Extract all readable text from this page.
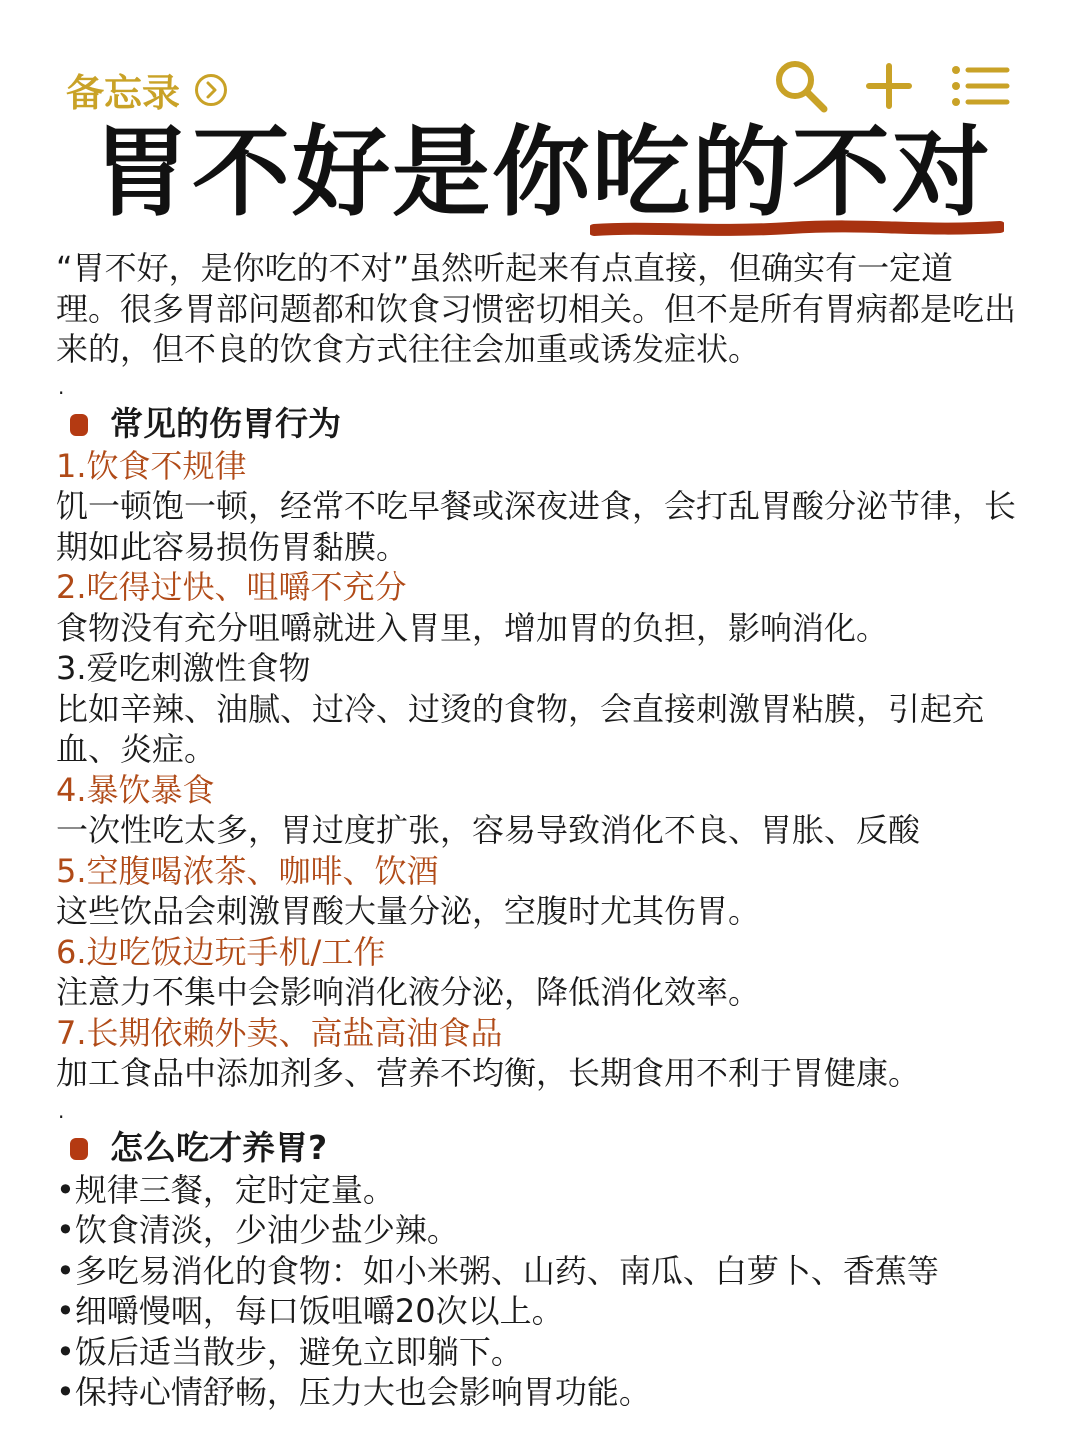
备忘录
胃不好是你吃的不对

“胃不好，是你吃的不对”虽然听起来有点直接，但确实有一定道理。很多胃部问题都和饮食习惯密切相关。但不是所有胃病都是吃出来的，但不良的饮食方式往往会加重或诱发症状。

.
常见的伤胃行为
1.饮食不规律

饥一顿饱一顿，经常不吃早餐或深夜进食，会打乱胃酸分泌节律，长期如此容易损伤胃黏膜。

2.吃得过快、咀嚼不充分

食物没有充分咀嚼就进入胃里，增加胃的负担，影响消化。

3.爱吃刺激性食物

比如辛辣、油腻、过冷、过烫的食物，会直接刺激胃粘膜，引起充血、炎症。

4.暴饮暴食

一次性吃太多，胃过度扩张，容易导致消化不良、胃胀、反酸

5.空腹喝浓茶、咖啡、饮酒

这些饮品会刺激胃酸大量分泌，空腹时尤其伤胃。

6.边吃饭边玩手机/工作

注意力不集中会影响消化液分泌，降低消化效率。

7.长期依赖外卖、高盐高油食品

加工食品中添加剂多、营养不均衡，长期食用不利于胃健康。

.
怎么吃才养胃?
•规律三餐，定时定量。
•饮食清淡，少油少盐少辣。
•多吃易消化的食物：如小米粥、山药、南瓜、白萝卜、香蕉等
•细嚼慢咽，每口饭咀嚼20次以上。
•饭后适当散步，避免立即躺下。
•保持心情舒畅，压力大也会影响胃功能。
